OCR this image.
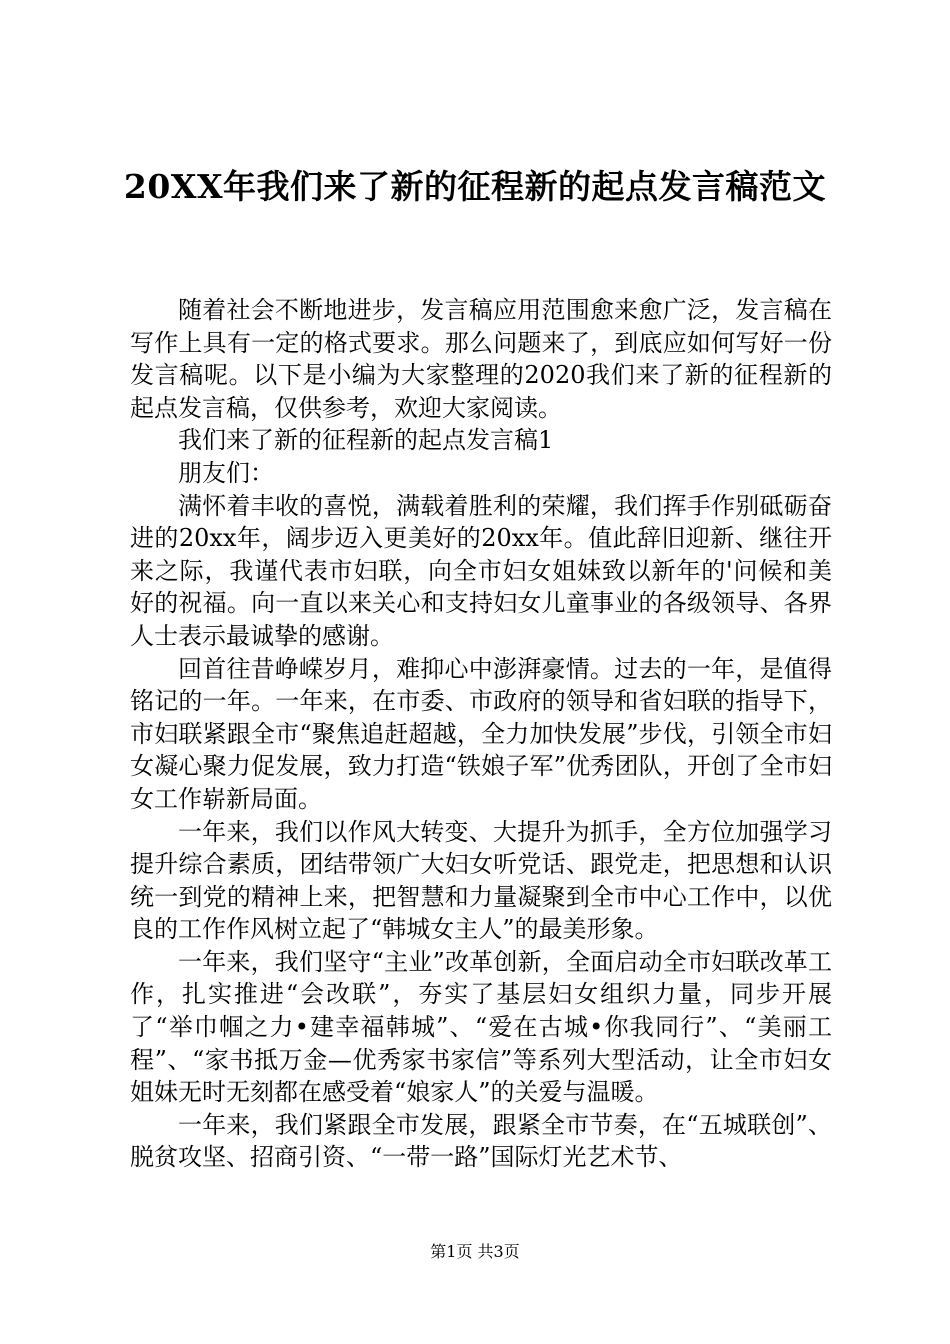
20XX年我们来了新的征程新的起点发言稿范文

随着社会不断地进步，发言稿应用范围愈来愈广泛，发言稿在写作上具有一定的格式要求。那么问题来了，到底应如何写好一份发言稿呢。以下是小编为大家整理的2020我们来了新的征程新的起点发言稿，仅供参考，欢迎大家阅读。

我们来了新的征程新的起点发言稿1

朋友们：

满怀着丰收的喜悦，满载着胜利的荣耀，我们挥手作别砥砺奋进的20xx年，阔步迈入更美好的20xx年。值此辞旧迎新、继往开来之际，我谨代表市妇联，向全市妇女姐妹致以新年的'问候和美好的祝福。向一直以来关心和支持妇女儿童事业的各级领导、各界人士表示最诚挚的感谢。

回首往昔峥嵘岁月，难抑心中澎湃豪情。过去的一年，是值得铭记的一年。一年来，在市委、市政府的领导和省妇联的指导下，市妇联紧跟全市“聚焦追赶超越，全力加快发展”步伐，引领全市妇女凝心聚力促发展，致力打造“铁娘子军”优秀团队，开创了全市妇女工作崭新局面。

一年来，我们以作风大转变、大提升为抓手，全方位加强学习提升综合素质，团结带领广大妇女听党话、跟党走，把思想和认识统一到党的精神上来，把智慧和力量凝聚到全市中心工作中，以优良的工作作风树立起了“韩城女主人”的最美形象。

一年来，我们坚守“主业”改革创新，全面启动全市妇联改革工作，扎实推进“会改联”，夯实了基层妇女组织力量，同步开展了“举巾帼之力•建幸福韩城”、“爱在古城•你我同行”、“美丽工程”、“家书抵万金—优秀家书家信”等系列大型活动，让全市妇女姐妹无时无刻都在感受着“娘家人”的关爱与温暖。

一年来，我们紧跟全市发展，跟紧全市节奏，在“五城联创”、脱贫攻坚、招商引资、“一带一路”国际灯光艺术节、

第1页 共3页
